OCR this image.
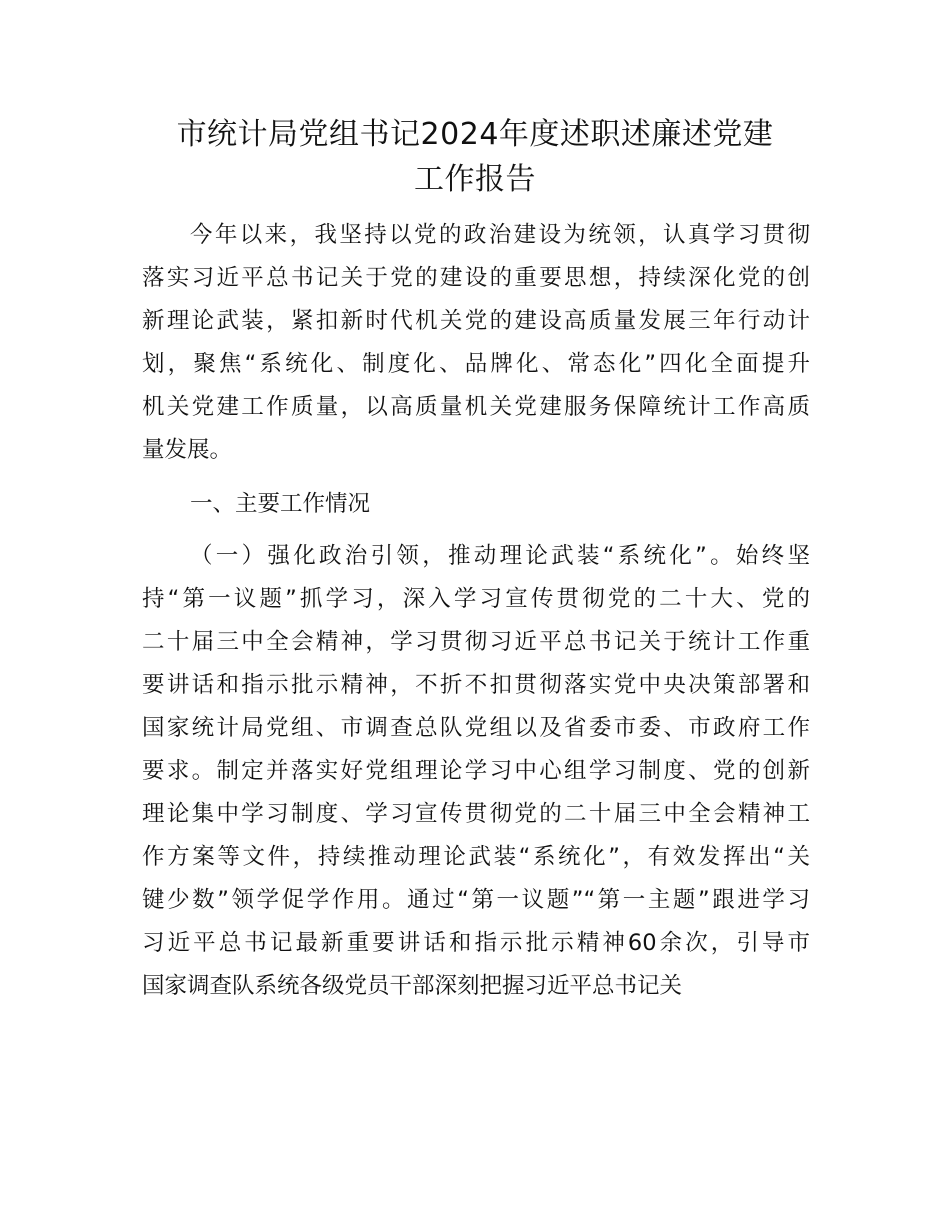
市统计局党组书记2024年度述职述廉述党建
工作报告
今年以来，我坚持以党的政治建设为统领，认真学习贯彻
落实习近平总书记关于党的建设的重要思想，持续深化党的创
新理论武装，紧扣新时代机关党的建设高质量发展三年行动计
划，聚焦“系统化、制度化、品牌化、常态化”四化全面提升
机关党建工作质量，以高质量机关党建服务保障统计工作高质
量发展。
一、主要工作情况
（一）强化政治引领，推动理论武装“系统化”。始终坚
持“第一议题”抓学习，深入学习宣传贯彻党的二十大、党的
二十届三中全会精神，学习贯彻习近平总书记关于统计工作重
要讲话和指示批示精神，不折不扣贯彻落实党中央决策部署和
国家统计局党组、市调查总队党组以及省委市委、市政府工作
要求。制定并落实好党组理论学习中心组学习制度、党的创新
理论集中学习制度、学习宣传贯彻党的二十届三中全会精神工
作方案等文件，持续推动理论武装“系统化”，有效发挥出“关
键少数”领学促学作用。通过“第一议题”“第一主题”跟进学习
习近平总书记最新重要讲话和指示批示精神60余次，引导市
国家调查队系统各级党员干部深刻把握习近平总书记关
